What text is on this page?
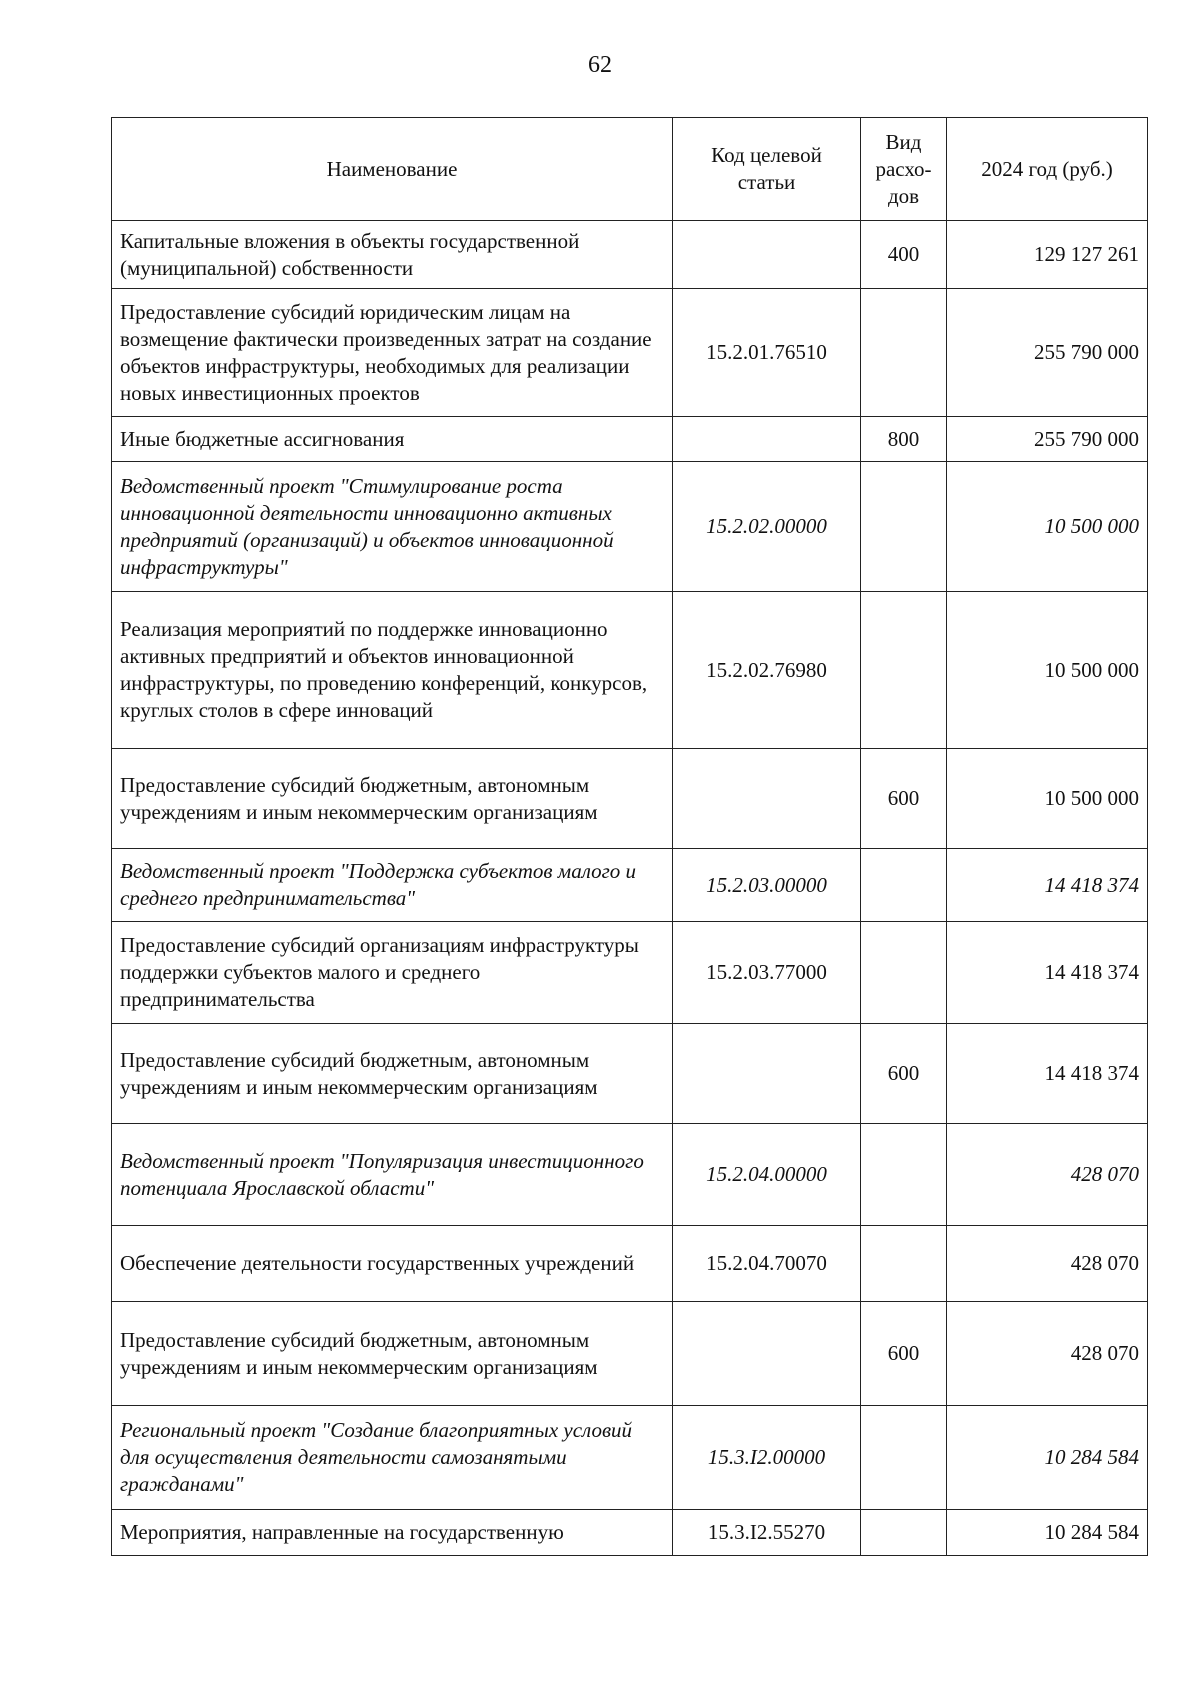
62
Наименование	Код целевой статьи	Вид расхо-дов	2024 год (руб.)
Капитальные вложения в объекты государственной (муниципальной) собственности		400	129 127 261
Предоставление субсидий юридическим лицам на возмещение фактически произведенных затрат на создание объектов инфраструктуры, необходимых для реализации новых инвестиционных проектов	15.2.01.76510		255 790 000
Иные бюджетные ассигнования		800	255 790 000
Ведомственный проект "Стимулирование роста инновационной деятельности инновационно активных предприятий (организаций) и объектов инновационной инфраструктуры"	15.2.02.00000		10 500 000
Реализация мероприятий по поддержке инновационно активных предприятий и объектов инновационной инфраструктуры, по проведению конференций, конкурсов, круглых столов в сфере инноваций	15.2.02.76980		10 500 000
Предоставление субсидий бюджетным, автономным учреждениям и иным некоммерческим организациям		600	10 500 000
Ведомственный проект "Поддержка субъектов малого и среднего предпринимательства"	15.2.03.00000		14 418 374
Предоставление субсидий организациям инфраструктуры поддержки субъектов малого и среднего предпринимательства	15.2.03.77000		14 418 374
Предоставление субсидий бюджетным, автономным учреждениям и иным некоммерческим организациям		600	14 418 374
Ведомственный проект "Популяризация инвестиционного потенциала Ярославской области"	15.2.04.00000		428 070
Обеспечение деятельности государственных учреждений	15.2.04.70070		428 070
Предоставление субсидий бюджетным, автономным учреждениям и иным некоммерческим организациям		600	428 070
Региональный проект "Создание благоприятных условий для осуществления деятельности самозанятыми гражданами"	15.3.I2.00000		10 284 584
Мероприятия, направленные на государственную	15.3.I2.55270		10 284 584
